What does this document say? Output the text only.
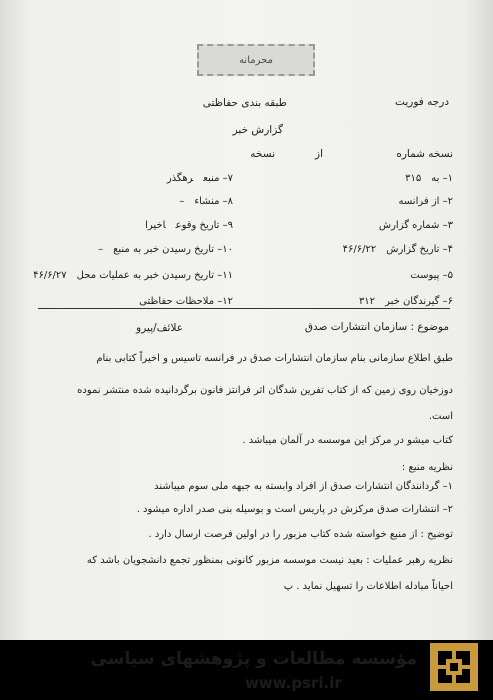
محرمانه
درجه فوریت
طبقه بندی حفاظتی
گزارش خبر
نسخه شماره
از
نسخه
۱– به۳۱۵
۲– از فرانسه
۳– شماره گزارش
۴– تاریخ گزارش۴۶/۶/۲۲
۵– پیوست
۶– گیرندگان خبر۳۱۲
۷– منبعرهگذر
۸– منشاء–
۹– تاریخ وقوعاخیرا
۱۰– تاریخ رسیدن خبر به منبع–
۱۱– تاریخ رسیدن خبر به عملیات محل۴۶/۶/۲۷
۱۲– ملاحظات حفاظتی
موضوع : سازمان انتشارات صدق
علائف/پیرو
طبق اطلاع سازمانی بنام سازمان انتشارات صدق در فرانسه تاسیس و اخیراً کتابی بنام
دوزخیان روی زمین که از کتاب تفرین شدگان اثر فرانتز فانون برگردانیده شده منتشر نموده
است.
کتاب میشو در مرکز این موسسه در آلمان میباشد .
نظریه منبع :
۱– گردانندگان انتشارات صدق از افراد وابسته به جبهه ملی سوم میباشند
۲– انتشارات صدق مرکزش در پاریس است و بوسیله بنی صدر اداره میشود .
توضیح : از منبع خواسته شده کتاب مزبور را در اولین فرصت ارسال دارد .
نظریه رهبر عملیات : بعید نیست موسسه مزبور کانونی بمنظور تجمع دانشجویان باشد که
احیاناً مبادله اطلاعات را تسهیل نماید . پ
مؤسسه مطالعات و پژوهشهای سیاسی
www.psri.ir
